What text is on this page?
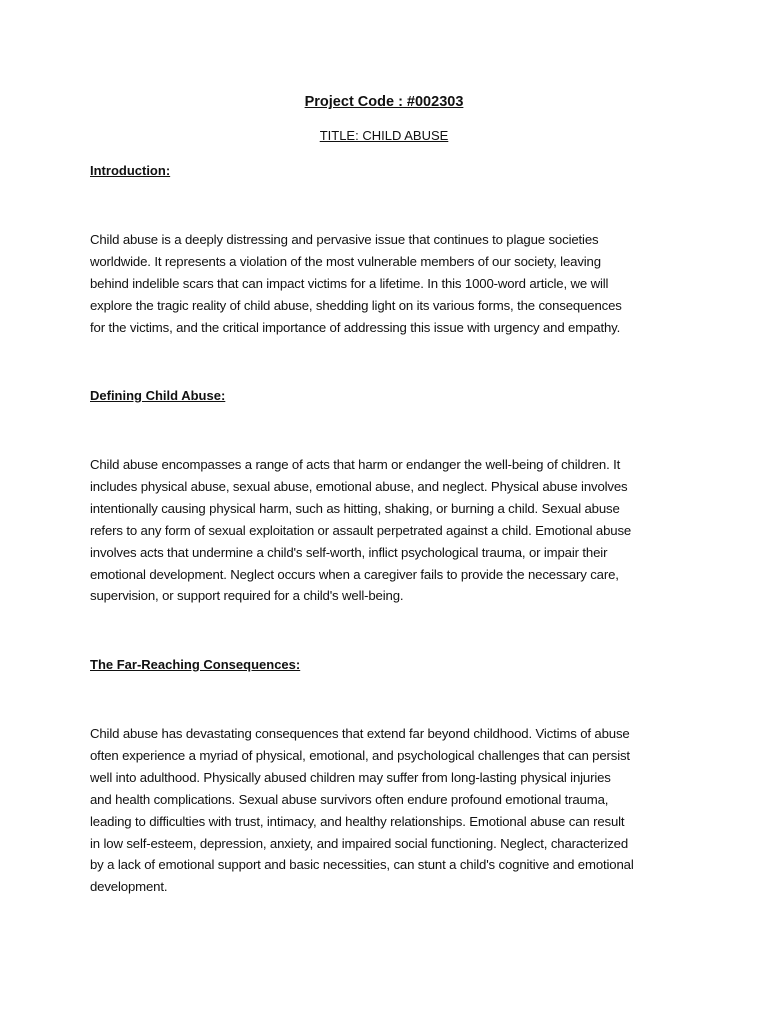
Project Code : #002303
TITLE: CHILD ABUSE
Introduction:
Child abuse is a deeply distressing and pervasive issue that continues to plague societies
worldwide. It represents a violation of the most vulnerable members of our society, leaving
behind indelible scars that can impact victims for a lifetime. In this 1000-word article, we will
explore the tragic reality of child abuse, shedding light on its various forms, the consequences
for the victims, and the critical importance of addressing this issue with urgency and empathy.
Defining Child Abuse:
Child abuse encompasses a range of acts that harm or endanger the well-being of children. It
includes physical abuse, sexual abuse, emotional abuse, and neglect. Physical abuse involves
intentionally causing physical harm, such as hitting, shaking, or burning a child. Sexual abuse
refers to any form of sexual exploitation or assault perpetrated against a child. Emotional abuse
involves acts that undermine a child's self-worth, inflict psychological trauma, or impair their
emotional development. Neglect occurs when a caregiver fails to provide the necessary care,
supervision, or support required for a child's well-being.
The Far-Reaching Consequences:
Child abuse has devastating consequences that extend far beyond childhood. Victims of abuse
often experience a myriad of physical, emotional, and psychological challenges that can persist
well into adulthood. Physically abused children may suffer from long-lasting physical injuries
and health complications. Sexual abuse survivors often endure profound emotional trauma,
leading to difficulties with trust, intimacy, and healthy relationships. Emotional abuse can result
in low self-esteem, depression, anxiety, and impaired social functioning. Neglect, characterized
by a lack of emotional support and basic necessities, can stunt a child's cognitive and emotional
development.
